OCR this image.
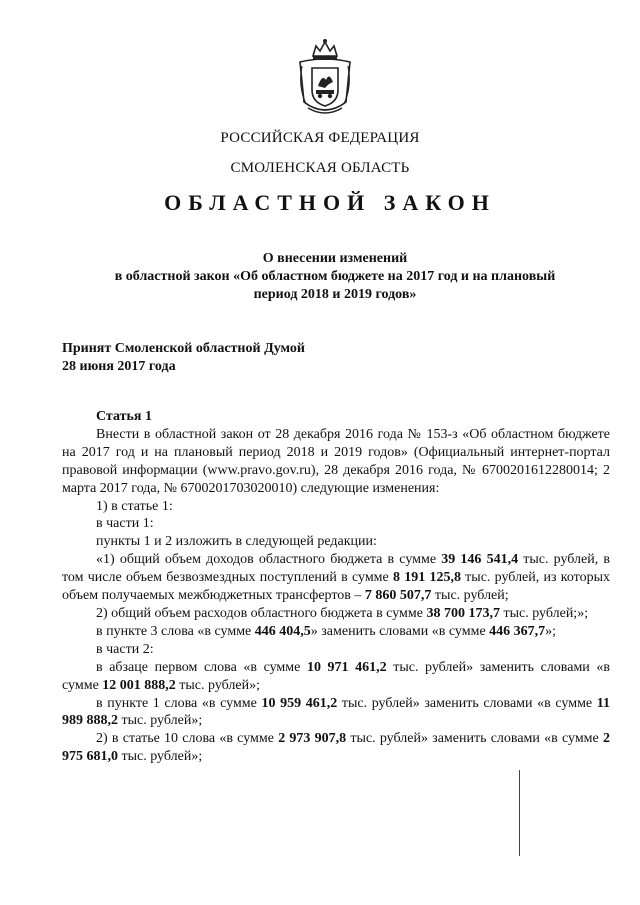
РОССИЙСКАЯ ФЕДЕРАЦИЯ
СМОЛЕНСКАЯ ОБЛАСТЬ
ОБЛАСТНОЙ ЗАКОН
О внесении изменений
в областной закон «Об областном бюджете на 2017 год и на плановый
период 2018 и 2019 годов»
Принят Смоленской областной Думой
28 июня 2017 года

Статья 1

Внести в областной закон от 28 декабря 2016 года № 153-з «Об областном бюджете на 2017 год и на плановый период 2018 и 2019 годов» (Официальный интернет-портал правовой информации (www.pravo.gov.ru), 28 декабря 2016 года, № 6700201612280014; 2 марта 2017 года, № 6700201703020010) следующие изменения:

1) в статье 1:

в части 1:

пункты 1 и 2 изложить в следующей редакции:

«1) общий объем доходов областного бюджета в сумме 39 146 541,4 тыс. рублей, в том числе объем безвозмездных поступлений в сумме 8 191 125,8 тыс. рублей, из которых объем получаемых межбюджетных трансфертов – 7 860 507,7 тыс. рублей;

2) общий объем расходов областного бюджета в сумме 38 700 173,7 тыс. рублей;»;

в пункте 3 слова «в сумме 446 404,5» заменить словами «в сумме 446 367,7»;

в части 2:

в абзаце первом слова «в сумме 10 971 461,2 тыс. рублей» заменить словами «в сумме 12 001 888,2 тыс. рублей»;

в пункте 1 слова «в сумме 10 959 461,2 тыс. рублей» заменить словами «в сумме 11 989 888,2 тыс. рублей»;

2) в статье 10 слова «в сумме 2 973 907,8 тыс. рублей» заменить словами «в сумме 2 975 681,0 тыс. рублей»;
